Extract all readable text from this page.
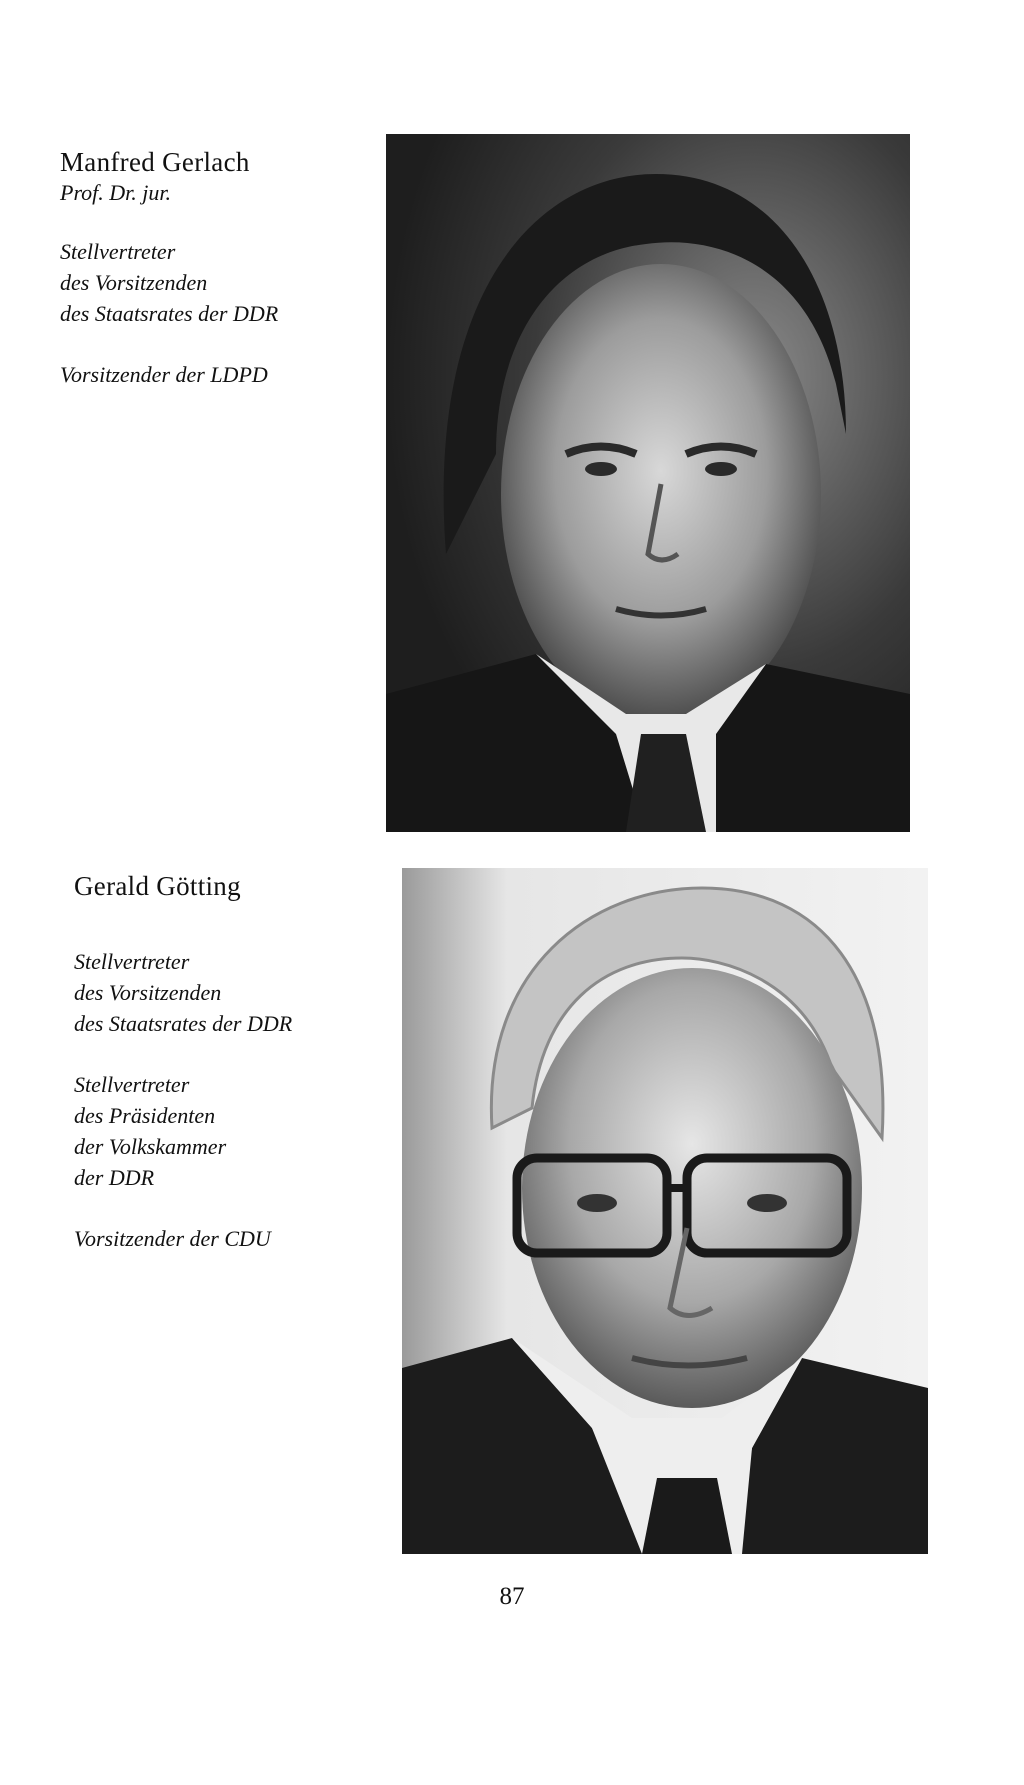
Manfred Gerlach

Prof. Dr. jur.

Stellvertreter
des Vorsitzenden
des Staatsrates der DDR
Vorsitzender der LDPD
Gerald Götting
Stellvertreter
des Vorsitzenden
des Staatsrates der DDR
Stellvertreter
des Präsidenten
der Volkskammer
der DDR
Vorsitzender der CDU
87
